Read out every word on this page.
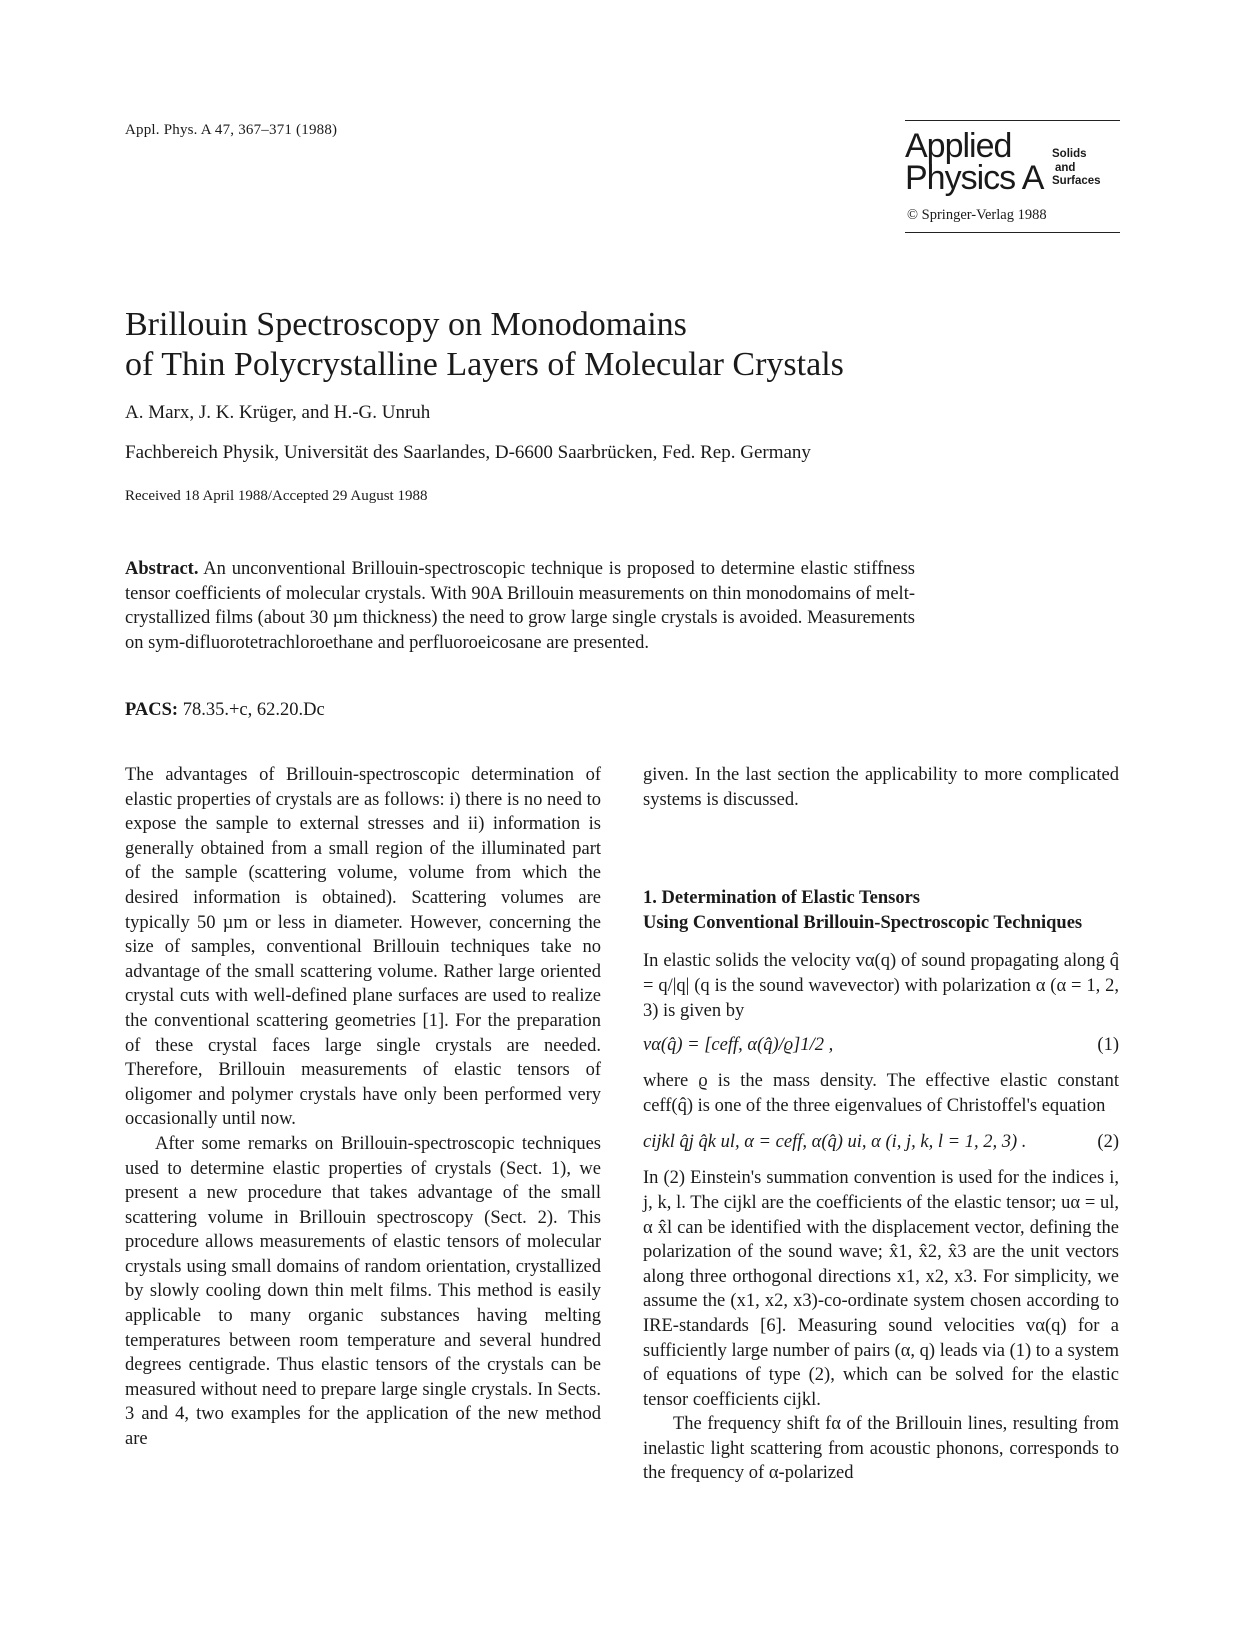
Appl. Phys. A 47, 367–371 (1988)	Applied
Physics A
Solids
and
Surfaces
© Springer-Verlag 1988
Brillouin Spectroscopy on Monodomains
of Thin Polycrystalline Layers of Molecular Crystals
A. Marx, J. K. Krüger, and H.-G. Unruh
Fachbereich Physik, Universität des Saarlandes, D-6600 Saarbrücken, Fed. Rep. Germany
Received 18 April 1988/Accepted 29 August 1988

Abstract. An unconventional Brillouin-spectroscopic technique is proposed to determine elastic stiffness tensor coefficients of molecular crystals. With 90A Brillouin measurements on thin monodomains of melt-crystallized films (about 30 µm thickness) the need to grow large single crystals is avoided. Measurements on sym-difluorotetrachloroethane and perfluoroeicosane are presented.

PACS: 78.35.+c, 62.20.Dc

The advantages of Brillouin-spectroscopic determination of elastic properties of crystals are as follows: i) there is no need to expose the sample to external stresses and ii) information is generally obtained from a small region of the illuminated part of the sample (scattering volume, volume from which the desired information is obtained). Scattering volumes are typically 50 µm or less in diameter. However, concerning the size of samples, conventional Brillouin techniques take no advantage of the small scattering volume. Rather large oriented crystal cuts with well-defined plane surfaces are used to realize the conventional scattering geometries [1]. For the preparation of these crystal faces large single crystals are needed. Therefore, Brillouin measurements of elastic tensors of oligomer and polymer crystals have only been performed very occasionally until now.

After some remarks on Brillouin-spectroscopic techniques used to determine elastic properties of crystals (Sect. 1), we present a new procedure that takes advantage of the small scattering volume in Brillouin spectroscopy (Sect. 2). This procedure allows measurements of elastic tensors of molecular crystals using small domains of random orientation, crystallized by slowly cooling down thin melt films. This method is easily applicable to many organic substances having melting temperatures between room temperature and several hundred degrees centigrade. Thus elastic tensors of the crystals can be measured without need to prepare large single crystals. In Sects. 3 and 4, two examples for the application of the new method are

given. In the last section the applicability to more complicated systems is discussed.

1. Determination of Elastic Tensors
Using Conventional Brillouin-Spectroscopic Techniques

In elastic solids the velocity vα(q) of sound propagating along q̂ = q/|q| (q is the sound wavevector) with polarization α (α = 1, 2, 3) is given by

vα(q̂) = [ceff, α(q̂)/ϱ]1/2 ,	(1)

where ϱ is the mass density. The effective elastic constant ceff(q̂) is one of the three eigenvalues of Christoffel's equation

cijkl q̂j q̂k ul, α = ceff, α(q̂) ui, α (i, j, k, l = 1, 2, 3) .	(2)

In (2) Einstein's summation convention is used for the indices i, j, k, l. The cijkl are the coefficients of the elastic tensor; uα = ul, α x̂l can be identified with the displacement vector, defining the polarization of the sound wave; x̂1, x̂2, x̂3 are the unit vectors along three orthogonal directions x1, x2, x3. For simplicity, we assume the (x1, x2, x3)-co-ordinate system chosen according to IRE-standards [6]. Measuring sound velocities vα(q) for a sufficiently large number of pairs (α, q) leads via (1) to a system of equations of type (2), which can be solved for the elastic tensor coefficients cijkl.

The frequency shift fα of the Brillouin lines, resulting from inelastic light scattering from acoustic phonons, corresponds to the frequency of α-polarized
